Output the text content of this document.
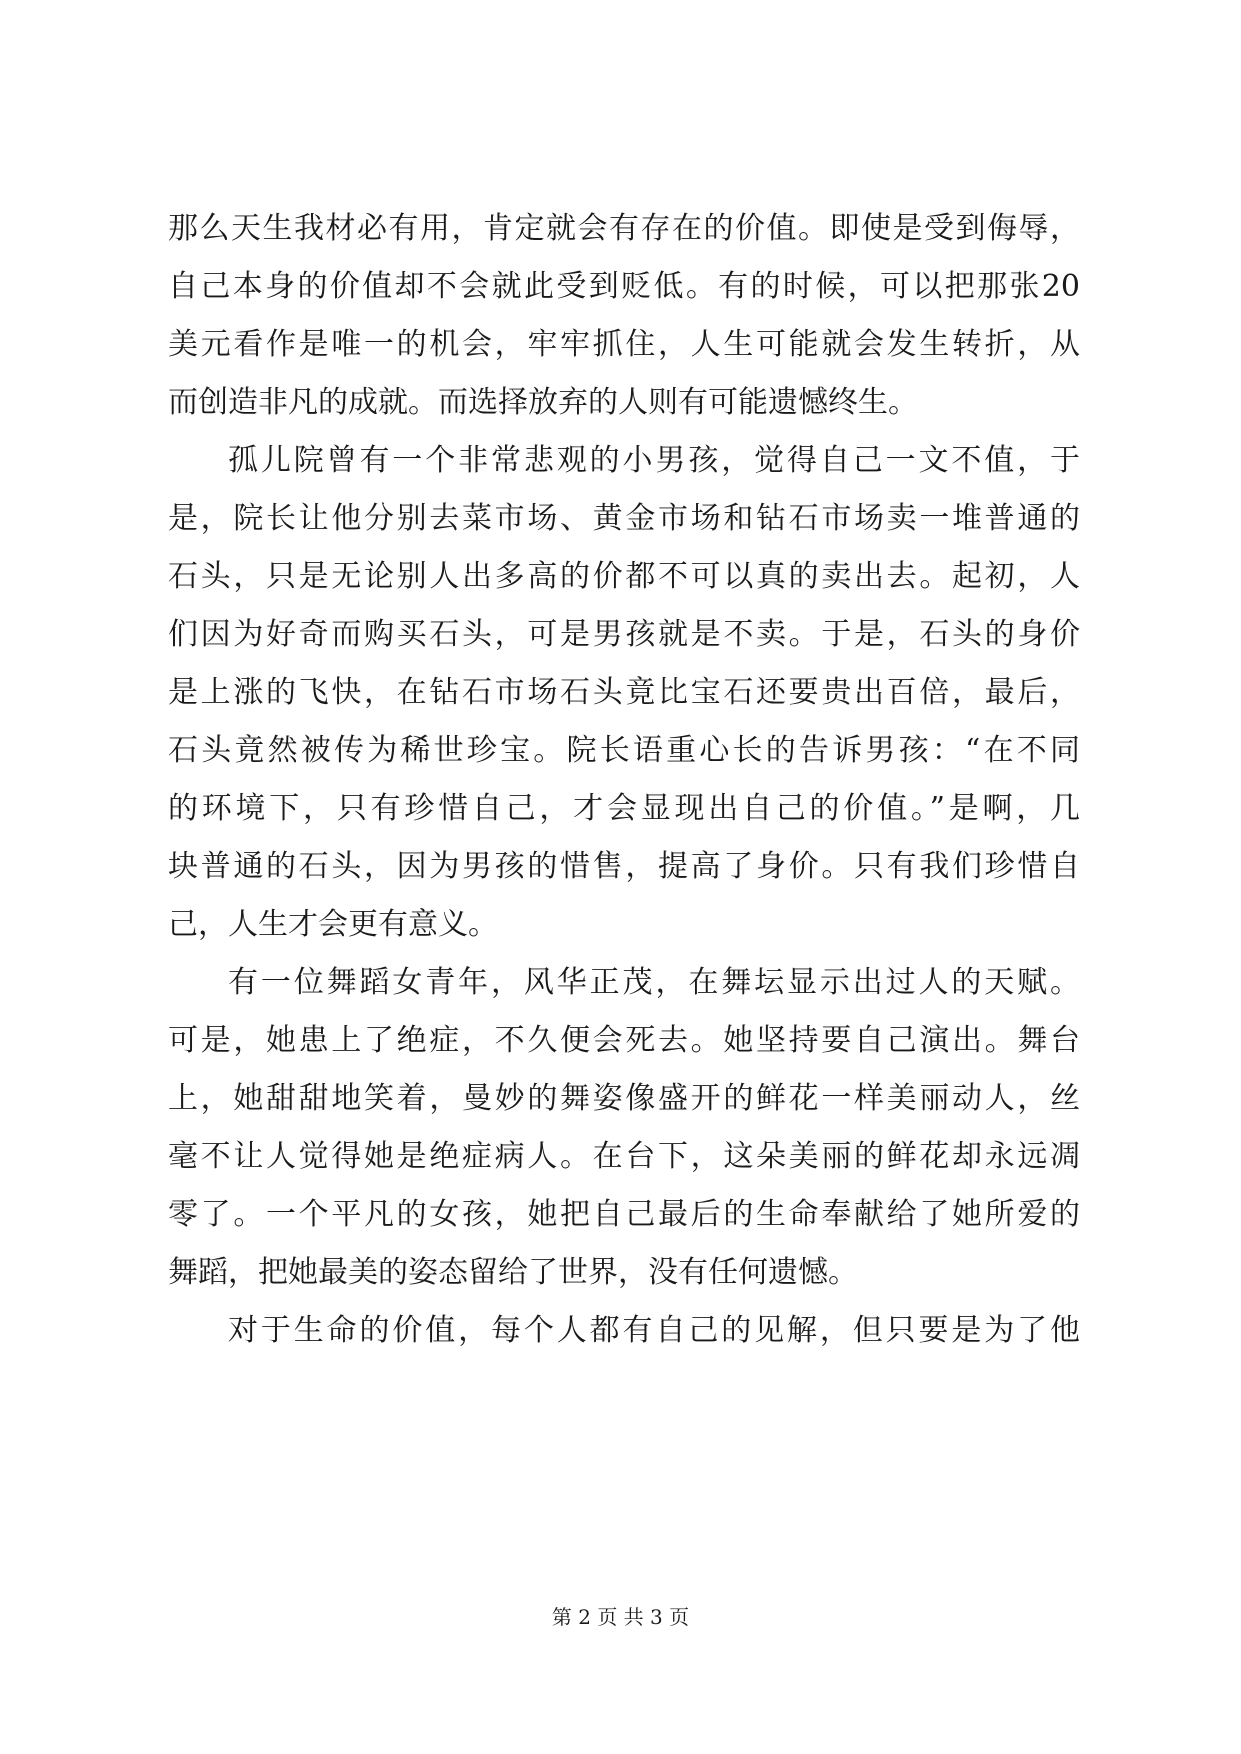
那么天生我材必有用，肯定就会有存在的价值。即使是受到侮辱，
自己本身的价值却不会就此受到贬低。有的时候，可以把那张20
美元看作是唯一的机会，牢牢抓住，人生可能就会发生转折，从
而创造非凡的成就。而选择放弃的人则有可能遗憾终生。
孤儿院曾有一个非常悲观的小男孩，觉得自己一文不值，于
是，院长让他分别去菜市场、黄金市场和钻石市场卖一堆普通的
石头，只是无论别人出多高的价都不可以真的卖出去。起初，人
们因为好奇而购买石头，可是男孩就是不卖。于是，石头的身价
是上涨的飞快，在钻石市场石头竟比宝石还要贵出百倍，最后，
石头竟然被传为稀世珍宝。院长语重心长的告诉男孩：“在不同
的环境下，只有珍惜自己，才会显现出自己的价值。”是啊，几
块普通的石头，因为男孩的惜售，提高了身价。只有我们珍惜自
己，人生才会更有意义。
有一位舞蹈女青年，风华正茂，在舞坛显示出过人的天赋。
可是，她患上了绝症，不久便会死去。她坚持要自己演出。舞台
上，她甜甜地笑着，曼妙的舞姿像盛开的鲜花一样美丽动人，丝
毫不让人觉得她是绝症病人。在台下，这朵美丽的鲜花却永远凋
零了。一个平凡的女孩，她把自己最后的生命奉献给了她所爱的
舞蹈，把她最美的姿态留给了世界，没有任何遗憾。
对于生命的价值，每个人都有自己的见解，但只要是为了他
第 2 页 共 3 页
